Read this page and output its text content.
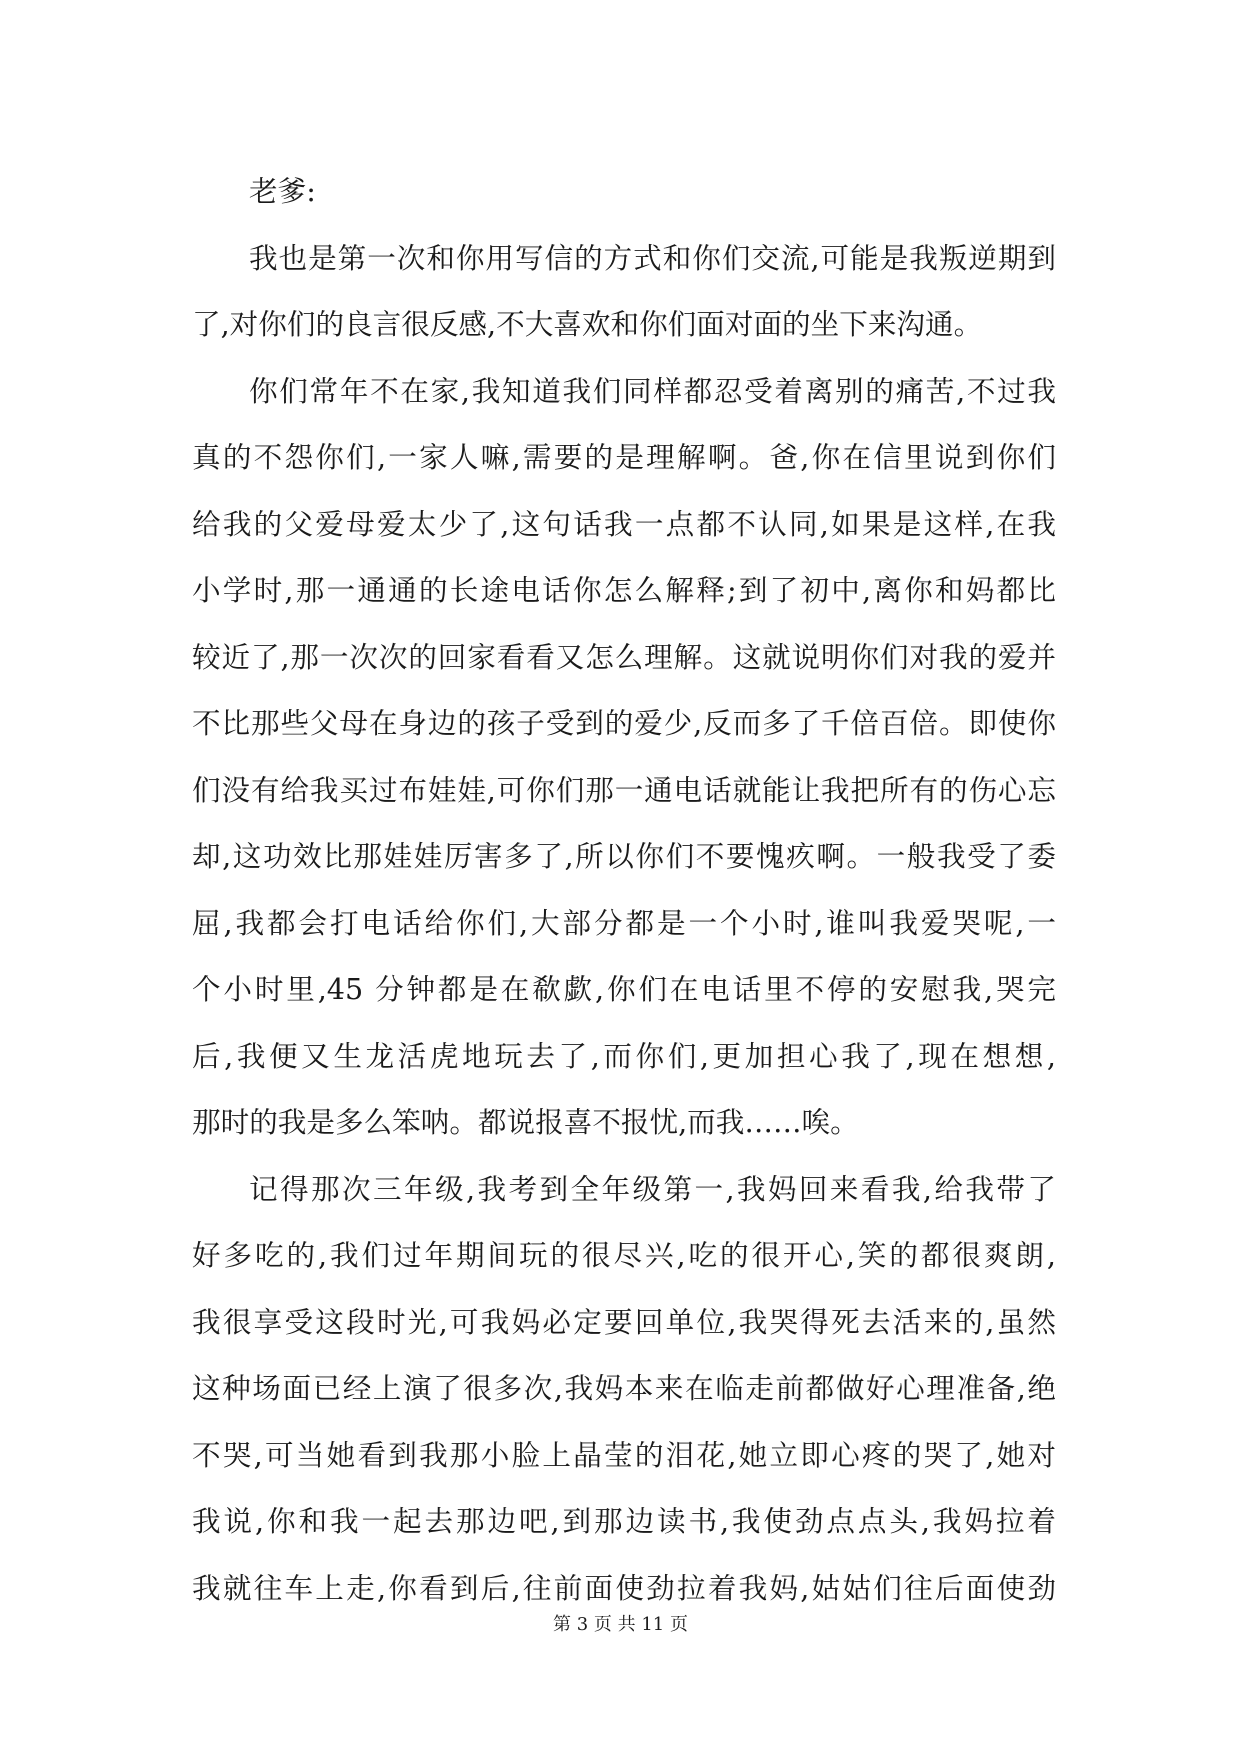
老爹:
我也是第一次和你用写信的方式和你们交流,可能是我叛逆期到
了,对你们的良言很反感,不大喜欢和你们面对面的坐下来沟通。
你们常年不在家,我知道我们同样都忍受着离别的痛苦,不过我
真的不怨你们,一家人嘛,需要的是理解啊。爸,你在信里说到你们
给我的父爱母爱太少了,这句话我一点都不认同,如果是这样,在我
小学时,那一通通的长途电话你怎么解释;到了初中,离你和妈都比
较近了,那一次次的回家看看又怎么理解。这就说明你们对我的爱并
不比那些父母在身边的孩子受到的爱少,反而多了千倍百倍。即使你
们没有给我买过布娃娃,可你们那一通电话就能让我把所有的伤心忘
却,这功效比那娃娃厉害多了,所以你们不要愧疚啊。一般我受了委
屈,我都会打电话给你们,大部分都是一个小时,谁叫我爱哭呢,一
个小时里,45 分钟都是在欷歔,你们在电话里不停的安慰我,哭完
后,我便又生龙活虎地玩去了,而你们,更加担心我了,现在想想,
那时的我是多么笨呐。都说报喜不报忧,而我……唉。
记得那次三年级,我考到全年级第一,我妈回来看我,给我带了
好多吃的,我们过年期间玩的很尽兴,吃的很开心,笑的都很爽朗,
我很享受这段时光,可我妈必定要回单位,我哭得死去活来的,虽然
这种场面已经上演了很多次,我妈本来在临走前都做好心理准备,绝
不哭,可当她看到我那小脸上晶莹的泪花,她立即心疼的哭了,她对
我说,你和我一起去那边吧,到那边读书,我使劲点点头,我妈拉着
我就往车上走,你看到后,往前面使劲拉着我妈,姑姑们往后面使劲
第 3 页 共 11 页
